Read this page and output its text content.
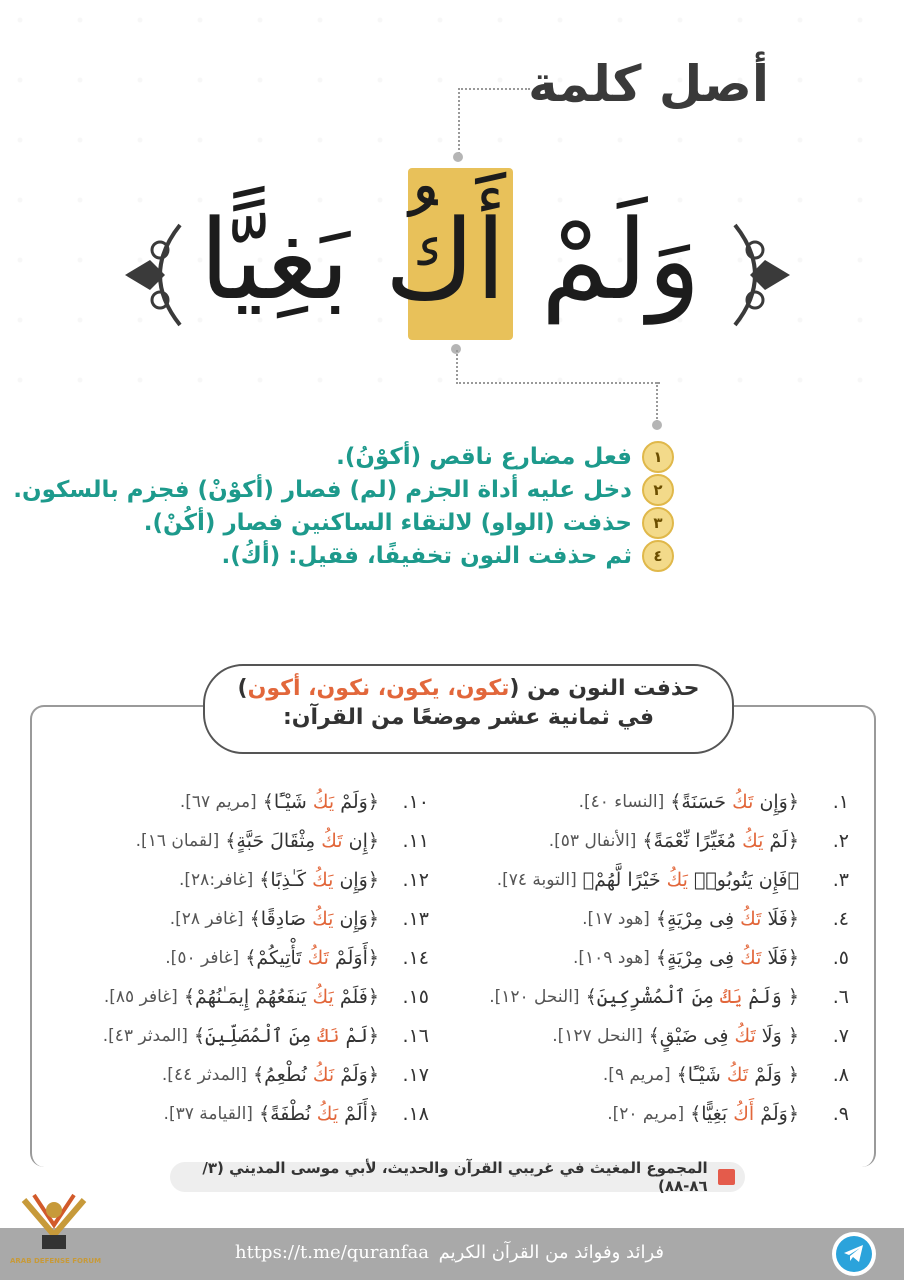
أصل كلمة
وَلَمْ أَكُ بَغِيًّا
١
فعل مضارع ناقص (أكوْنُ).
٢
دخل عليه أداة الجزم (لم) فصار (أكوْنْ) فجزم بالسكون.
٣
حذفت (الواو) لالتقاء الساكنين فصار (أكُنْ).
٤
ثم حذفت النون تخفيفًا، فقيل: (أكُ).
حذفت النون من (تكون، يكون، نكون، أكون)
في ثمانية عشر موضعًا من القرآن:
١.
﴿وَإِن تَكُ حَسَنَةً﴾
[النساء ٤٠].
٢.
﴿لَمْ يَكُ مُغَيِّرًا نِّعْمَةً﴾
[الأنفال ٥٣].
٣.
﴿فَإِن يَتُوبُوا۟ يَكُ خَيْرًا لَّهُمْ﴾
[التوبة ٧٤].
٤.
﴿فَلَا تَكُ فِى مِرْيَةٍ﴾
[هود ١٧].
٥.
﴿فَلَا تَكُ فِى مِرْيَةٍ﴾
[هود ١٠٩].
٦.
﴿ وَلَمْ يَكُ مِنَ ٱلْمُشْرِكِينَ﴾
[النحل ١٢٠].
٧.
﴿ وَلَا تَكُ فِى ضَيْقٍ﴾
[النحل ١٢٧].
٨.
﴿ وَلَمْ تَكُ شَيْـًٔا﴾
[مريم ٩].
٩.
﴿وَلَمْ أَكُ بَغِيًّا﴾
[مريم ٢٠].
١٠.
﴿وَلَمْ يَكُ شَيْـًٔا﴾
[مريم ٦٧].
١١.
﴿إِن تَكُ مِثْقَالَ حَبَّةٍ﴾
[لقمان ١٦].
١٢.
﴿وَإِن يَكُ كَـٰذِبًا﴾
[غافر:٢٨].
١٣.
﴿وَإِن يَكُ صَادِقًا﴾
[غافر ٢٨].
١٤.
﴿أَوَلَمْ تَكُ تَأْتِيكُمْ﴾
[غافر ٥٠].
١٥.
﴿فَلَمْ يَكُ يَنفَعُهُمْ إِيمَـٰنُهُمْ﴾
[غافر ٨٥].
١٦.
﴿لَمْ نَكُ مِنَ ٱلْمُصَلِّينَ﴾
[المدثر ٤٣].
١٧.
﴿وَلَمْ نَكُ نُطْعِمُ﴾
[المدثر ٤٤].
١٨.
﴿أَلَمْ يَكُ نُطْفَةً﴾
[القيامة ٣٧].
المجموع المغيث في غريبي القرآن والحديث، لأبي موسى المديني (٣/ ٨٦-٨٨)
فرائد وفوائد من القرآن الكريم
https://t.me/quranfaa
ARAB DEFENSE FORUM
